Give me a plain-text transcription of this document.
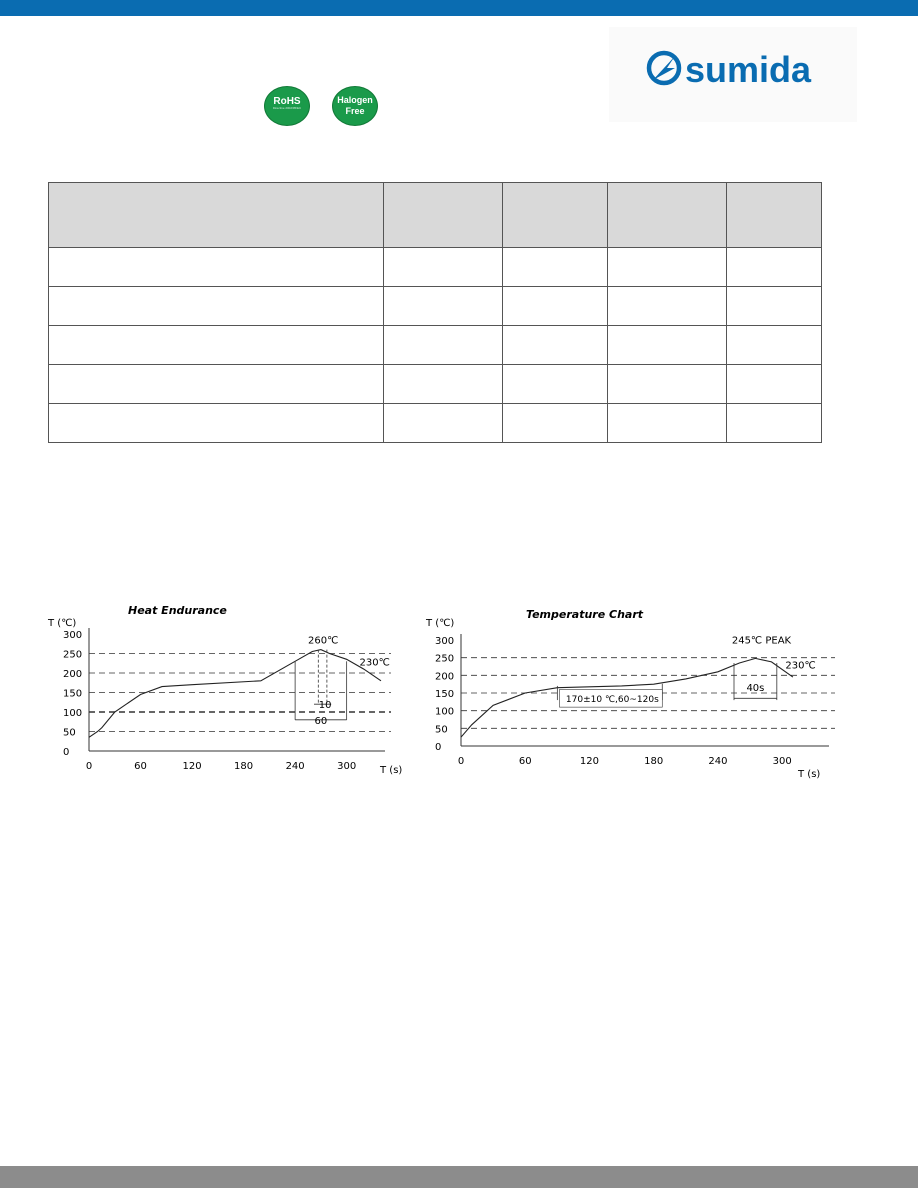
RoHS
Directive 2002/95/EC
Halogen
Free
sumida

Heat Endurance
T (℃)
T (s)
0
50
100
150
200
250
300
0	60	120	180	240	300
10
60
260℃
230℃
Temperature Chart
T (℃)
T (s)
0
50
100
150
200
250
300
0	60	120	180	240	300
170±10 ℃,60~120s
40s
245℃ PEAK
230℃
